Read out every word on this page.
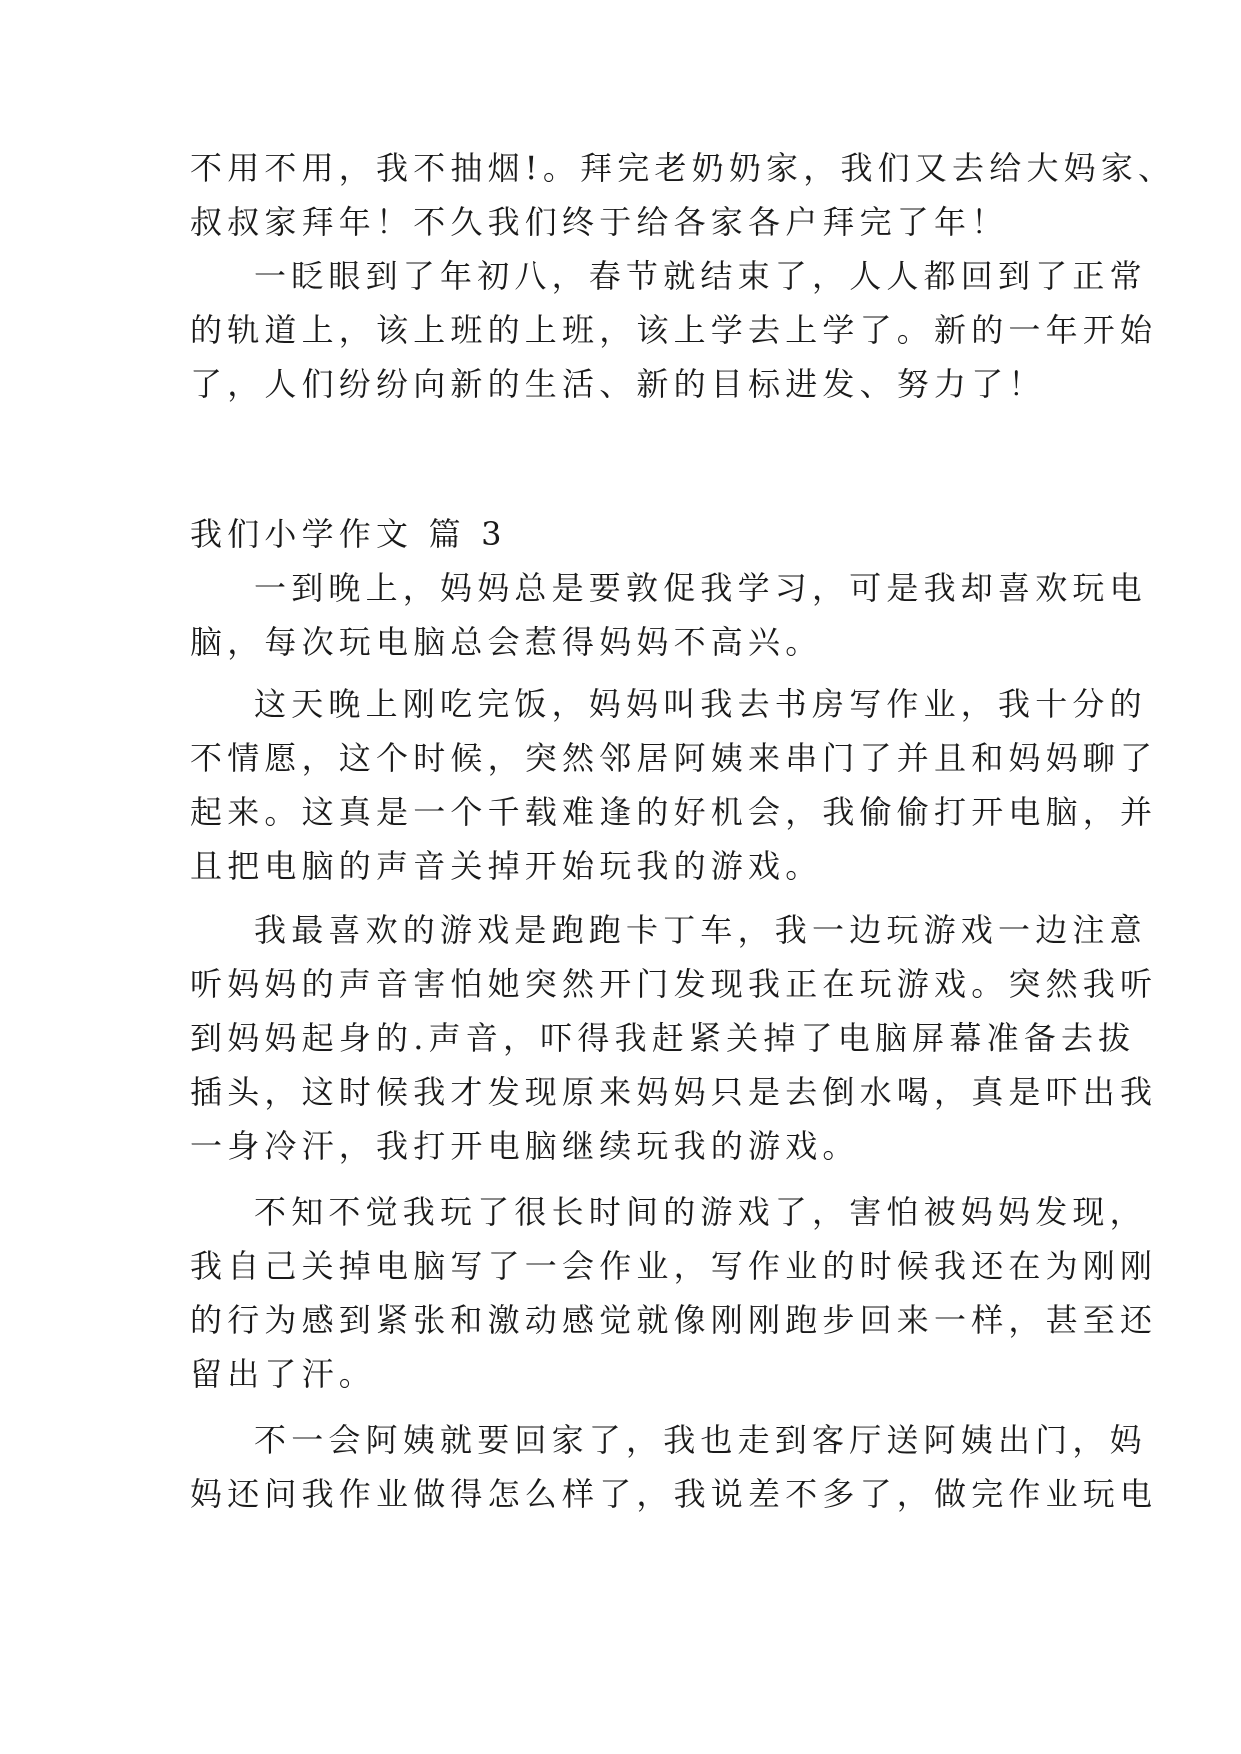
不用不用，我不抽烟!。拜完老奶奶家，我们又去给大妈家、
叔叔家拜年！不久我们终于给各家各户拜完了年！
一眨眼到了年初八，春节就结束了，人人都回到了正常
的轨道上，该上班的上班，该上学去上学了。新的一年开始
了，人们纷纷向新的生活、新的目标进发、努力了！
我们小学作文 篇 3
一到晚上，妈妈总是要敦促我学习，可是我却喜欢玩电
脑，每次玩电脑总会惹得妈妈不高兴。
这天晚上刚吃完饭，妈妈叫我去书房写作业，我十分的
不情愿，这个时候，突然邻居阿姨来串门了并且和妈妈聊了
起来。这真是一个千载难逢的好机会，我偷偷打开电脑，并
且把电脑的声音关掉开始玩我的游戏。
我最喜欢的游戏是跑跑卡丁车，我一边玩游戏一边注意
听妈妈的声音害怕她突然开门发现我正在玩游戏。突然我听
到妈妈起身的.声音，吓得我赶紧关掉了电脑屏幕准备去拔
插头，这时候我才发现原来妈妈只是去倒水喝，真是吓出我
一身冷汗，我打开电脑继续玩我的游戏。
不知不觉我玩了很长时间的游戏了，害怕被妈妈发现，
我自己关掉电脑写了一会作业，写作业的时候我还在为刚刚
的行为感到紧张和激动感觉就像刚刚跑步回来一样，甚至还
留出了汗。
不一会阿姨就要回家了，我也走到客厅送阿姨出门，妈
妈还问我作业做得怎么样了，我说差不多了，做完作业玩电
